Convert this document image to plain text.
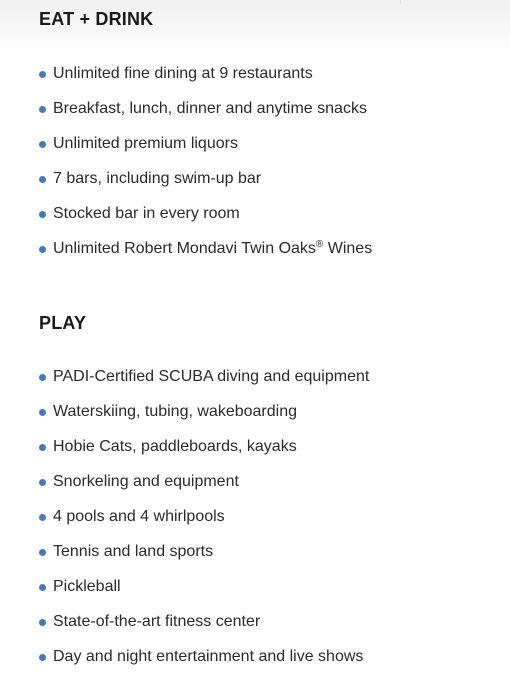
EAT + DRINK
Unlimited fine dining at 9 restaurants
Breakfast, lunch, dinner and anytime snacks
Unlimited premium liquors
7 bars, including swim-up bar
Stocked bar in every room
Unlimited Robert Mondavi Twin Oaks® Wines
PLAY
PADI-Certified SCUBA diving and equipment
Waterskiing, tubing, wakeboarding
Hobie Cats, paddleboards, kayaks
Snorkeling and equipment
4 pools and 4 whirlpools
Tennis and land sports
Pickleball
State-of-the-art fitness center
Day and night entertainment and live shows
